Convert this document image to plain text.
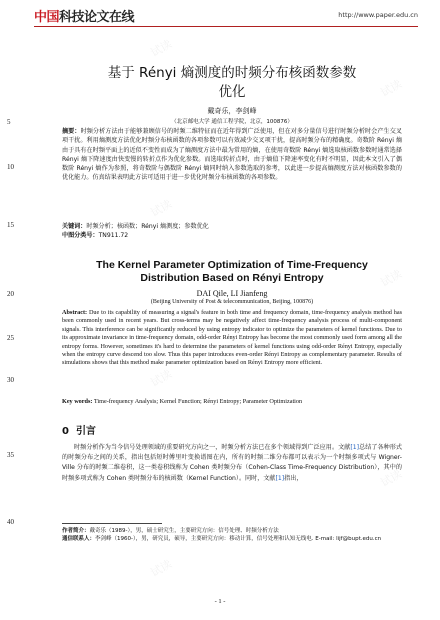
试读
试读
试读
试读
试读
试读
试读
中国科技论文在线	http://www.paper.edu.cn
5
10
15
20
25
30
35
40
基于 Rényi 熵测度的时频分布核函数参数
优化
戴奇乐，李剑峰
（北京邮电大学 通信工程学院，北京，100876）
摘要：时频分析方法由于能够兼顾信号的时频二维特征而在近年得到广泛使用，但在对多分量信号进行时频分析时会产生交叉项干扰。利用熵测度方法优化时频分布核函数的各项参数可以有效减少交叉项干扰，提高时频分布的精确度。奇数阶 Rényi 熵由于具有在时频平面上的近似不变性而成为了熵测度方法中最为常用的熵，在使用奇数阶 Rényi 熵选取核函数参数时通常选择 Rényi 熵下降速度由快变慢的转折点作为优化参数。而选取转折点时，由于熵值下降速率变化有时不明显，因此本文引入了偶数阶 Rényi 熵作为参照，将奇数阶与偶数阶 Rényi 熵同时纳入参数选取的参考，以此进一步提高熵测度方法对核函数参数的优化能力。仿真结果表明此方法可适用于进一步优化时频分布核函数的各项参数。
关键词：时频分析；核函数；Rényi 熵测度；参数优化
中图分类号：TN911.72
The Kernel Parameter Optimization of Time-Frequency
Distribution Based on Rényi Entropy
DAI Qile, LI Jianfeng
(Beijing University of Post & telecommunication, Beijing, 100876)
Abstract: Due to its capability of measuring a signal's feature in both time and frequency domain, time-frequency analysis method has been commonly used in recent years. But cross-terms may be negatively affect time-frequency analysis process of multi-component signals. This interference can be significantly reduced by using entropy indicator to optimize the parameters of kernel functions. Due to its approximate invariance in time-frequency domain, odd-order Rényi Entropy has become the most commonly used form among all the entropy forms. However, sometimes it's hard to determine the parameters of kernel functions using odd-order Rényi Entropy, especially when the entropy curve descend too slow. Thus this paper introduces even-order Rényi Entropy as complementary parameter. Results of simulations shows that this method make parameter optimization based on Rényi Entropy more efficient.
Key words: Time-frequency Analysis; Kernel Function; Rényi Entropy; Parameter Optimization
0 引言
时频分析作为当今信号处理领域的重要研究方向之一，时频分析方法已在多个领域得到广泛应用。文献[1]总结了各种形式的时频分布之间的关系，指出包括短时傅里叶变换谱图在内，所有的时频二维分布都可以表示为一个时频多项式与 Wigner-Ville 分布的时频二维卷积，这一类卷积线称为 Cohen 类时频分布（Cohen-Class Time-Frequency Distribution），其中的时频多项式称为 Cohen 类时频分布的核函数（Kernel Function）。同时，文献[1]指出，
作者简介：戴奇乐（1989-），男，硕士研究生，主要研究方向：信号处理、时频分析方法
通信联系人：李剑峰（1960-），男，研究员，硕导，主要研究方向：移动计算，信号处理和认知无线电. E-mail: lijf@bupt.edu.cn
- 1 -
